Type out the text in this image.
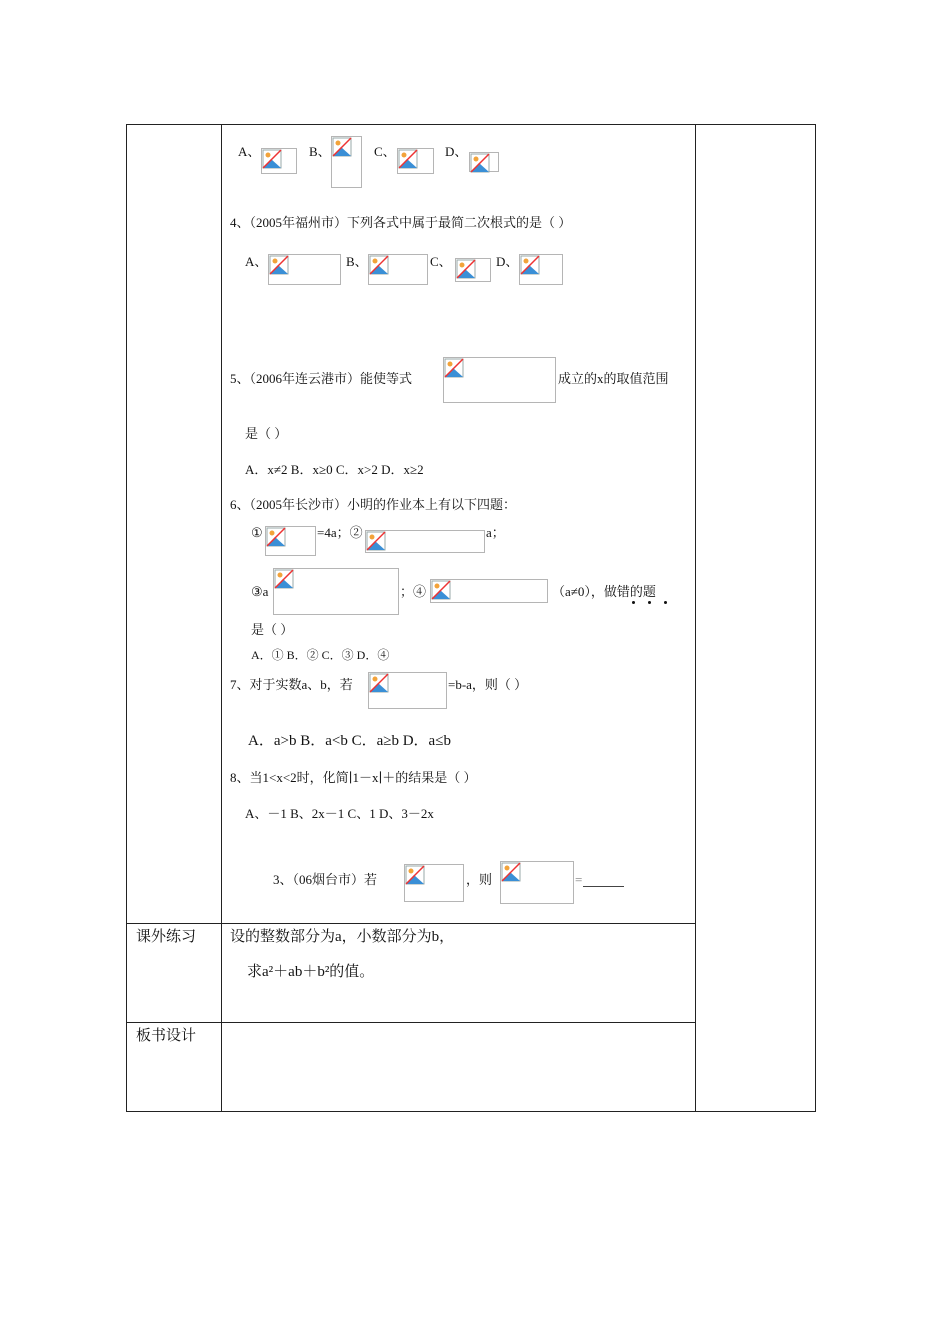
A、	B、	C、	D、
4、（2005年福州市）下列各式中属于最简二次根式的是（ ）
A、	B、	C、	D、
5、（2006年连云港市）能使等式	成立的x的取值范围
是（ ）
A．x≠2 B．x≥0 C．x>2 D．x≥2
6、（2005年长沙市）小明的作业本上有以下四题：
①	=4a；②	a；
③a	；④	（a≠0），做错的题
是（ ）
A．① B．② C．③ D．④
7、对于实数a、b，若	=b-a，则（ ）
A．a>b B．a<b C．a≥b D．a≤b
8、当1<x<2时，化简∣1－x∣＋的结果是（ ）
A、－1 B、2x－1 C、1 D、3－2x
3、（06烟台市）若	，则	=
课外练习 设的整数部分为a，小数部分为b，
求a²＋ab＋b²的值。
板书设计
